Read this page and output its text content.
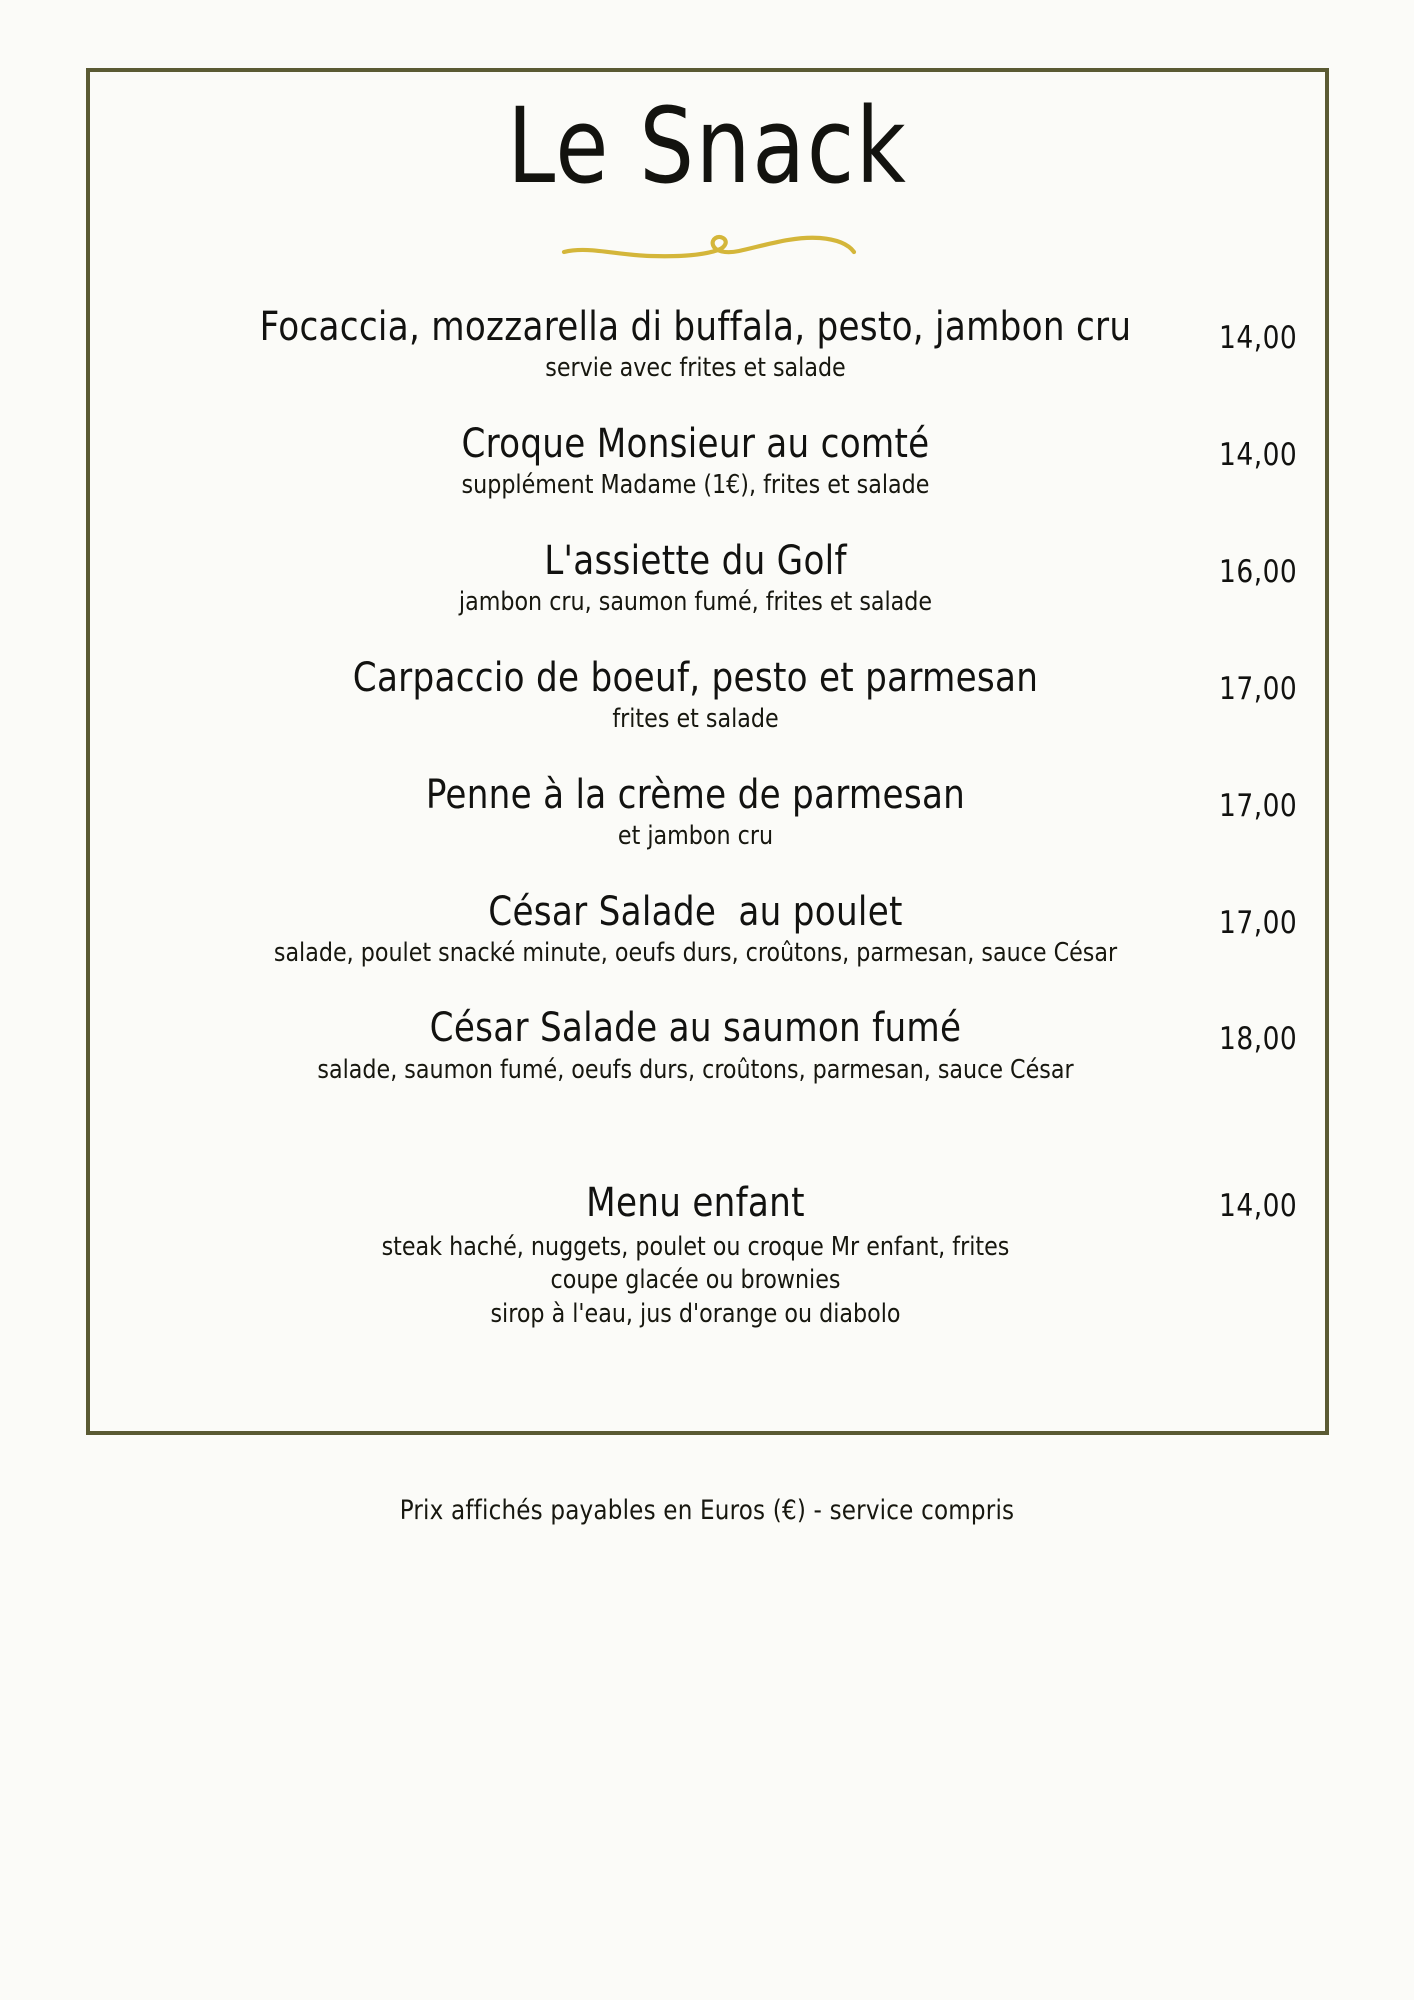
Le Snack
Focaccia, mozzarella di buffala, pesto, jambon cru
servie avec frites et salade
14,00
Croque Monsieur au comté
supplément Madame (1€), frites et salade
14,00
L'assiette du Golf
jambon cru, saumon fumé, frites et salade
16,00
Carpaccio de boeuf, pesto et parmesan
frites et salade
17,00
Penne à la crème de parmesan
et jambon cru
17,00
César Salade  au poulet
salade, poulet snacké minute, oeufs durs, croûtons, parmesan, sauce César
17,00
César Salade au saumon fumé
salade, saumon fumé, oeufs durs, croûtons, parmesan, sauce César
18,00
Menu enfant	14,00
steak haché, nuggets, poulet ou croque Mr enfant, frites
coupe glacée ou brownies
sirop à l'eau, jus d'orange ou diabolo
Prix affichés payables en Euros (€) - service compris
